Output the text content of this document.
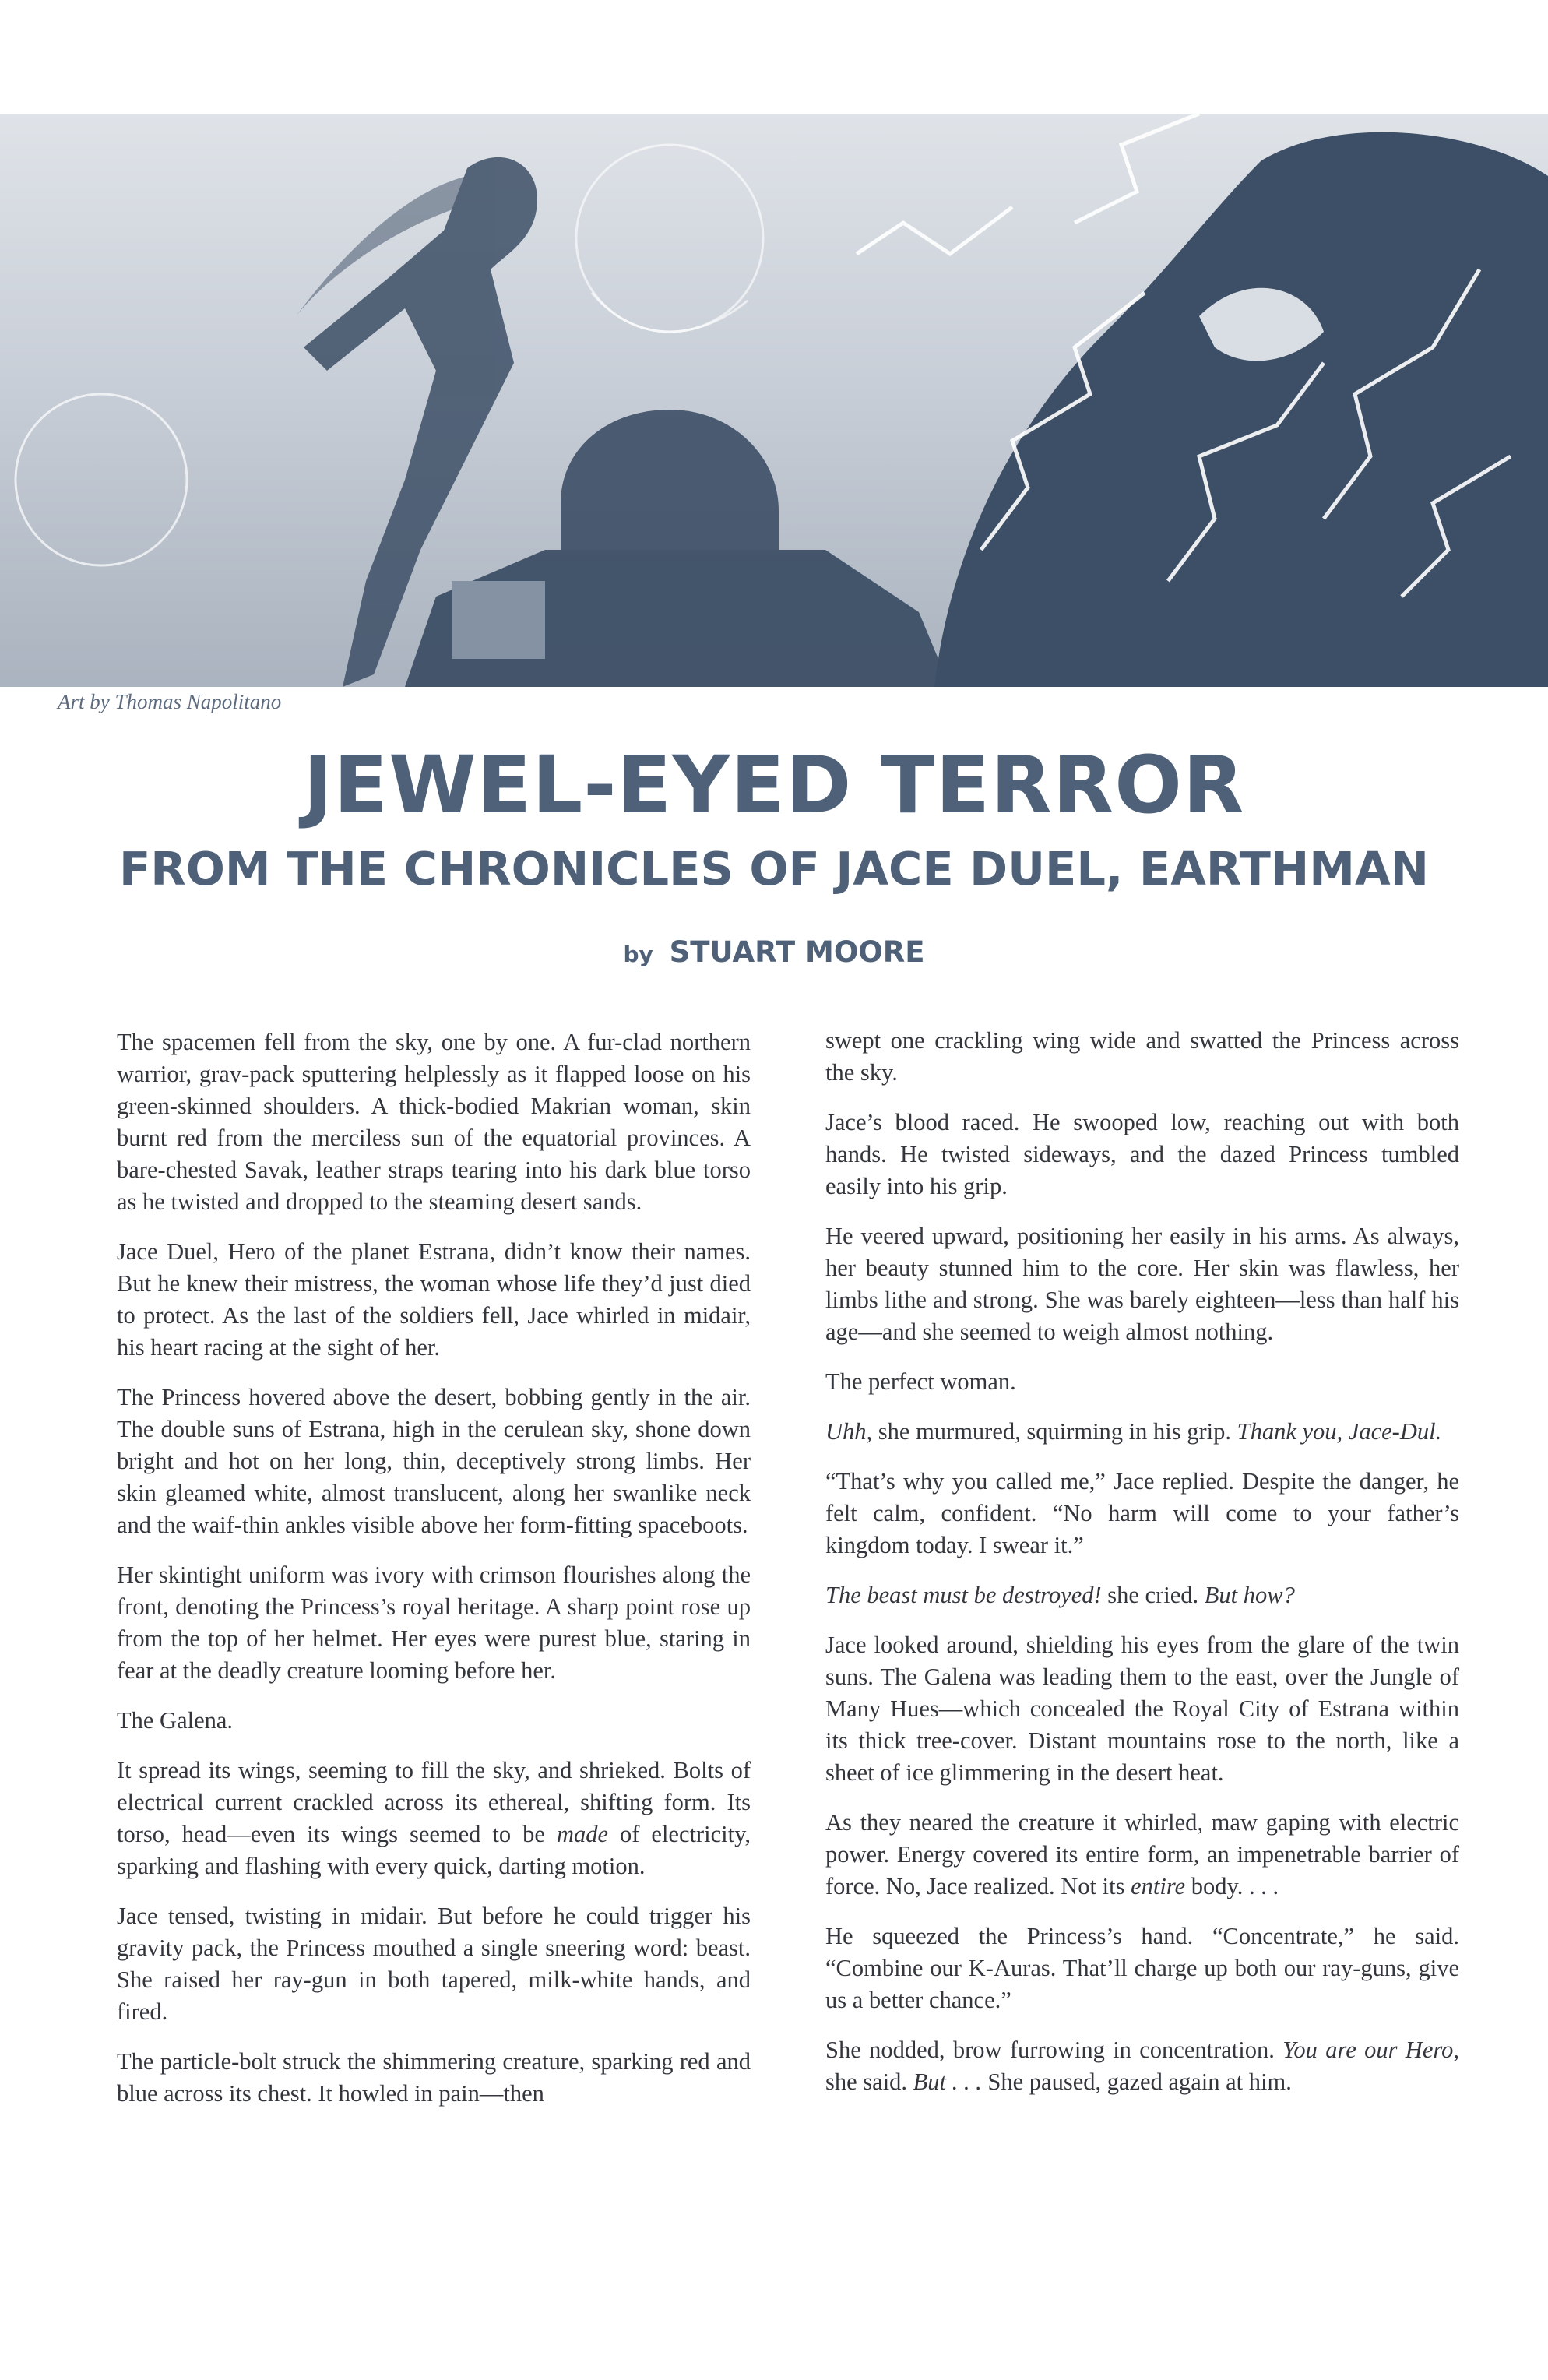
TEN
Art by Thomas Napolitano
JEWEL-EYED TERROR
FROM THE CHRONICLES OF JACE DUEL, EARTHMAN
by STUART MOORE

The spacemen fell from the sky, one by one. A fur-clad northern warrior, grav-pack sputtering helplessly as it flapped loose on his green-skinned shoulders. A thick-bodied Makrian woman, skin burnt red from the merciless sun of the equatorial provinces. A bare-chested Savak, leather straps tearing into his dark blue torso as he twisted and dropped to the steaming desert sands.

Jace Duel, Hero of the planet Estrana, didn’t know their names. But he knew their mistress, the woman whose life they’d just died to protect. As the last of the soldiers fell, Jace whirled in midair, his heart racing at the sight of her.

The Princess hovered above the desert, bobbing gently in the air. The double suns of Estrana, high in the cerulean sky, shone down bright and hot on her long, thin, deceptively strong limbs. Her skin gleamed white, almost translucent, along her swanlike neck and the waif-thin ankles visible above her form-fitting spaceboots.

Her skintight uniform was ivory with crimson flourishes along the front, denoting the Princess’s royal heritage. A sharp point rose up from the top of her helmet. Her eyes were purest blue, staring in fear at the deadly creature looming before her.

The Galena.

It spread its wings, seeming to fill the sky, and shrieked. Bolts of electrical current crackled across its ethereal, shifting form. Its torso, head—even its wings seemed to be made of electricity, sparking and flashing with every quick, darting motion.

Jace tensed, twisting in midair. But before he could trigger his gravity pack, the Princess mouthed a single sneering word: beast. She raised her ray-gun in both tapered, milk-white hands, and fired.

The particle-bolt struck the shimmering creature, sparking red and blue across its chest. It howled in pain—then

swept one crackling wing wide and swatted the Princess across the sky.

Jace’s blood raced. He swooped low, reaching out with both hands. He twisted sideways, and the dazed Princess tumbled easily into his grip.

He veered upward, positioning her easily in his arms. As always, her beauty stunned him to the core. Her skin was flawless, her limbs lithe and strong. She was barely eighteen—less than half his age—and she seemed to weigh almost nothing.

The perfect woman.

Uhh, she murmured, squirming in his grip. Thank you, Jace-Dul.

“That’s why you called me,” Jace replied. Despite the danger, he felt calm, confident. “No harm will come to your father’s kingdom today. I swear it.”

The beast must be destroyed! she cried. But how?

Jace looked around, shielding his eyes from the glare of the twin suns. The Galena was leading them to the east, over the Jungle of Many Hues—which concealed the Royal City of Estrana within its thick tree-cover. Distant mountains rose to the north, like a sheet of ice glimmering in the desert heat.

As they neared the creature it whirled, maw gaping with electric power. Energy covered its entire form, an impenetrable barrier of force. No, Jace realized. Not its entire body. . . .

He squeezed the Princess’s hand. “Concentrate,” he said. “Combine our K-Auras. That’ll charge up both our ray-guns, give us a better chance.”

She nodded, brow furrowing in concentration. You are our Hero, she said. But . . . She paused, gazed again at him.
